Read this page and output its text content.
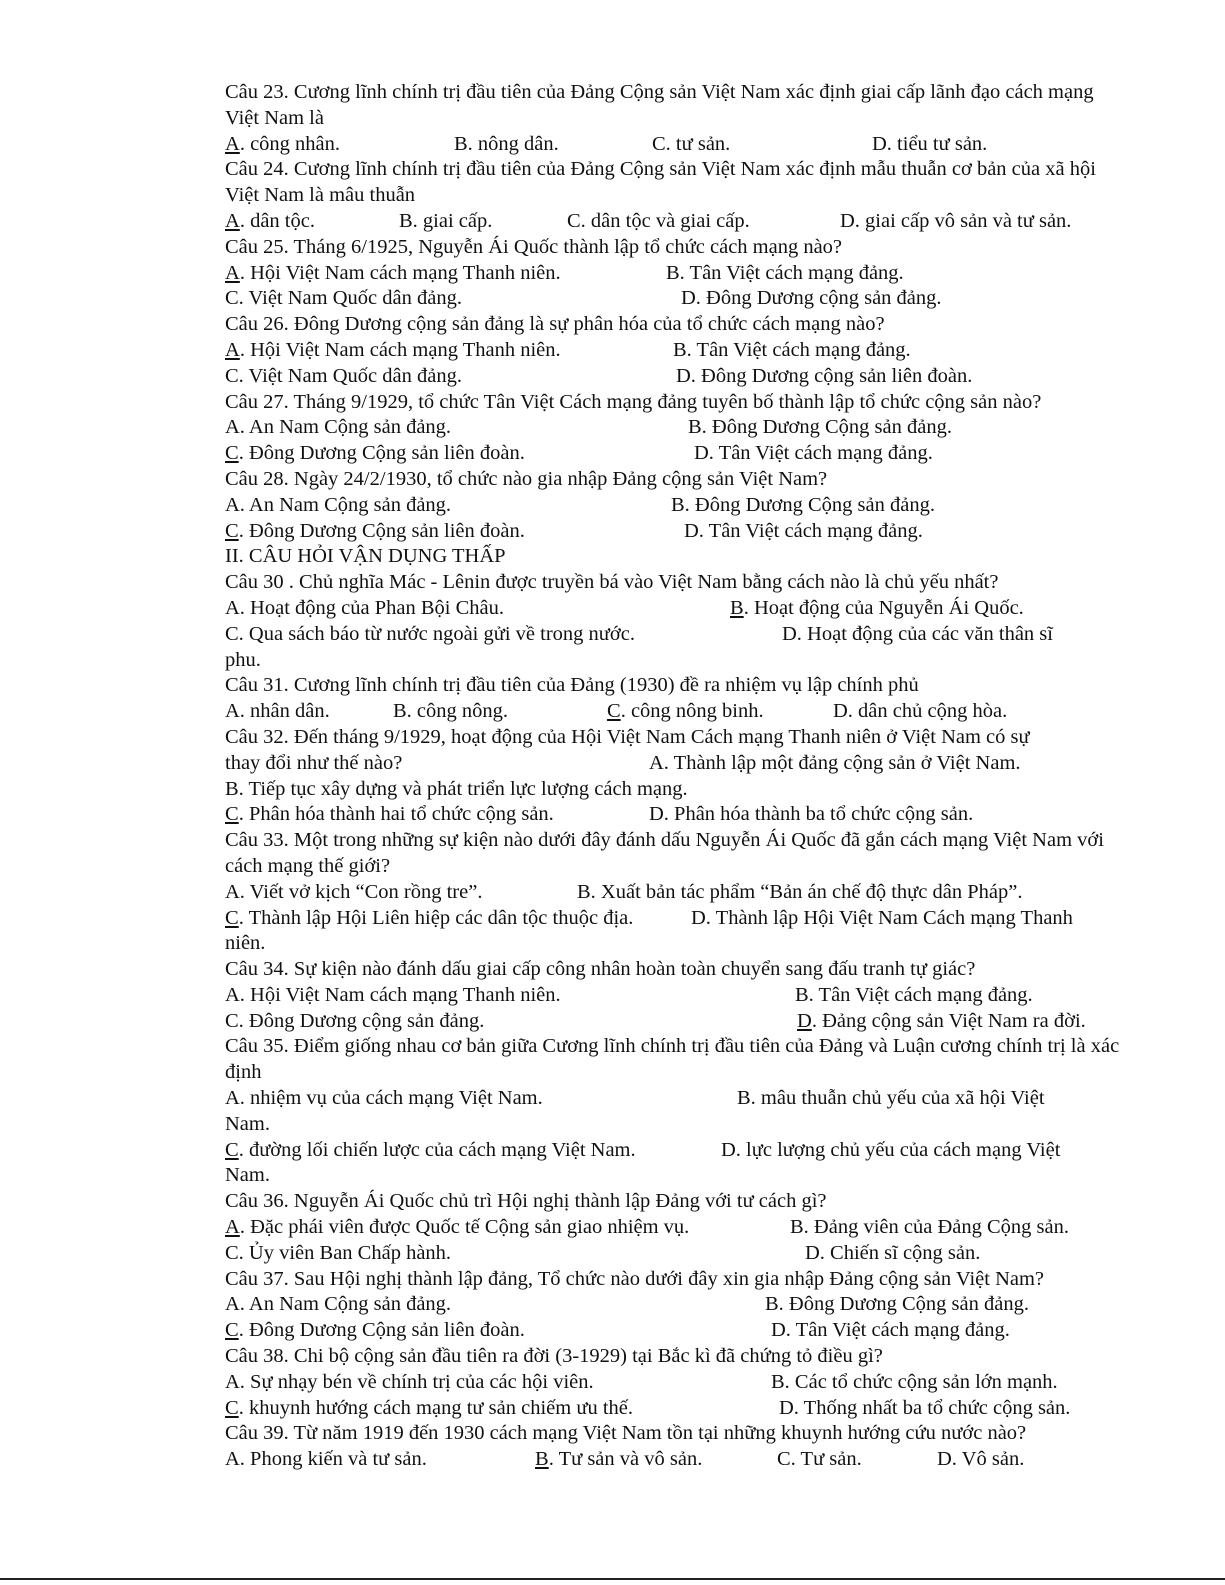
Câu 23. Cương lĩnh chính trị đầu tiên của Đảng Cộng sản Việt Nam xác định giai cấp lãnh đạo cách mạng Việt Nam là
A. công nhân.	B. nông dân.	C. tư sản.	D. tiểu tư sản.
Câu 24. Cương lĩnh chính trị đầu tiên của Đảng Cộng sản Việt Nam xác định mẫu thuẫn cơ bản của xã hội Việt Nam là mâu thuẫn
A. dân tộc.	B. giai cấp.	C. dân tộc và giai cấp.	D. giai cấp vô sản và tư sản.
Câu 25. Tháng 6/1925, Nguyễn Ái Quốc thành lập tổ chức cách mạng nào?
A. Hội Việt Nam cách mạng Thanh niên.	B. Tân Việt cách mạng đảng.
C. Việt Nam Quốc dân đảng.	D. Đông Dương cộng sản đảng.
Câu 26. Đông Dương cộng sản đảng là sự phân hóa của tổ chức cách mạng nào?
A. Hội Việt Nam cách mạng Thanh niên.	B. Tân Việt cách mạng đảng.
C. Việt Nam Quốc dân đảng.	D. Đông Dương cộng sản liên đoàn.
Câu 27. Tháng 9/1929, tổ chức Tân Việt Cách mạng đảng tuyên bố thành lập tổ chức cộng sản nào?
A. An Nam Cộng sản đảng.	B. Đông Dương Cộng sản đảng.
C. Đông Dương Cộng sản liên đoàn.	D. Tân Việt cách mạng đảng.
Câu 28. Ngày 24/2/1930, tổ chức nào gia nhập Đảng cộng sản Việt Nam?
A. An Nam Cộng sản đảng.	B. Đông Dương Cộng sản đảng.
C. Đông Dương Cộng sản liên đoàn.	D. Tân Việt cách mạng đảng.
II. CÂU HỎI VẬN DỤNG THẤP
Câu 30 . Chủ nghĩa Mác - Lênin được truyền bá vào Việt Nam bằng cách nào là chủ yếu nhất?
A. Hoạt động của Phan Bội Châu.	B. Hoạt động của Nguyễn Ái Quốc.
C. Qua sách báo từ nước ngoài gửi về trong nước.	D. Hoạt động của các văn thân sĩ
phu.
Câu 31. Cương lĩnh chính trị đầu tiên của Đảng (1930) đề ra nhiệm vụ lập chính phủ
A. nhân dân.	B. công nông.	C. công nông binh.	D. dân chủ cộng hòa.
Câu 32. Đến tháng 9/1929, hoạt động của Hội Việt Nam Cách mạng Thanh niên ở Việt Nam có sự
thay đổi như thế nào?	A. Thành lập một đảng cộng sản ở Việt Nam.
B. Tiếp tục xây dựng và phát triển lực lượng cách mạng.
C. Phân hóa thành hai tổ chức cộng sản.	D. Phân hóa thành ba tổ chức cộng sản.
Câu 33. Một trong những sự kiện nào dưới đây đánh dấu Nguyễn Ái Quốc đã gắn cách mạng Việt Nam với cách mạng thế giới?
A. Viết vở kịch “Con rồng tre”.	B. Xuất bản tác phẩm “Bản án chế độ thực dân Pháp”.
C. Thành lập Hội Liên hiệp các dân tộc thuộc địa.	D. Thành lập Hội Việt Nam Cách mạng Thanh
niên.
Câu 34. Sự kiện nào đánh dấu giai cấp công nhân hoàn toàn chuyển sang đấu tranh tự giác?
A. Hội Việt Nam cách mạng Thanh niên.	B. Tân Việt cách mạng đảng.
C. Đông Dương cộng sản đảng.	D. Đảng cộng sản Việt Nam ra đời.
Câu 35. Điểm giống nhau cơ bản giữa Cương lĩnh chính trị đầu tiên của Đảng và Luận cương chính trị là xác định
A. nhiệm vụ của cách mạng Việt Nam.	B. mâu thuẫn chủ yếu của xã hội Việt
Nam.
C. đường lối chiến lược của cách mạng Việt Nam.	D. lực lượng chủ yếu của cách mạng Việt
Nam.
Câu 36. Nguyễn Ái Quốc chủ trì Hội nghị thành lập Đảng với tư cách gì?
A. Đặc phái viên được Quốc tế Cộng sản giao nhiệm vụ.	B. Đảng viên của Đảng Cộng sản.
C. Ủy viên Ban Chấp hành.	D. Chiến sĩ cộng sản.
Câu 37. Sau Hội nghị thành lập đảng, Tổ chức nào dưới đây xin gia nhập Đảng cộng sản Việt Nam?
A. An Nam Cộng sản đảng.	B. Đông Dương Cộng sản đảng.
C. Đông Dương Cộng sản liên đoàn.	D. Tân Việt cách mạng đảng.
Câu 38. Chi bộ cộng sản đầu tiên ra đời (3-1929) tại Bắc kì đã chứng tỏ điều gì?
A. Sự nhạy bén về chính trị của các hội viên.	B. Các tổ chức cộng sản lớn mạnh.
C. khuynh hướng cách mạng tư sản chiếm ưu thế.	D. Thống nhất ba tổ chức cộng sản.
Câu 39. Từ năm 1919 đến 1930 cách mạng Việt Nam tồn tại những khuynh hướng cứu nước nào?
A. Phong kiến và tư sản.	B. Tư sản và vô sản.	C. Tư sản.	D. Vô sản.
